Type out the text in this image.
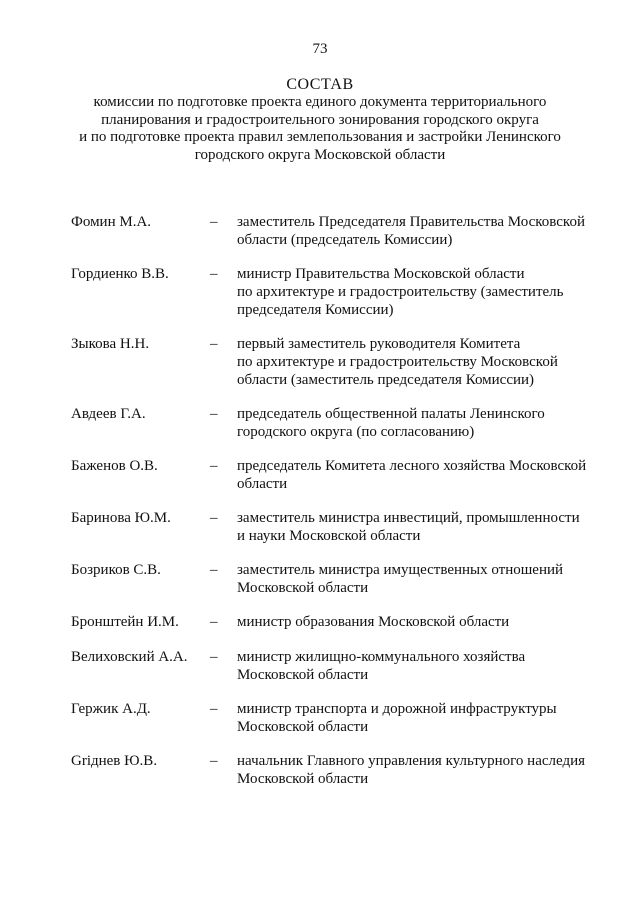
73
СОСТАВ
комиссии по подготовке проекта единого документа территориального
планирования и градостроительного зонирования городского округа
и по подготовке проекта правил землепользования и застройки Ленинского
городского округа Московской области
Фомин М.А.	– заместитель Председателя Правительства Московской
области (председатель Комиссии)
Гордиенко В.В.	– министр Правительства Московской области
по архитектуре и градостроительству (заместитель
председателя Комиссии)
Зыкова Н.Н.	– первый заместитель руководителя Комитета
по архитектуре и градостроительству Московской
области (заместитель председателя Комиссии)
Авдеев Г.А.	– председатель общественной палаты Ленинского
городского округа (по согласованию)
Баженов О.В.	– председатель Комитета лесного хозяйства Московской
области
Баринова Ю.М.	– заместитель министра инвестиций, промышленности
и науки Московской области
Бозриков С.В.	– заместитель министра имущественных отношений
Московской области
Бронштейн И.М. – министр образования Московской области
Велиховский А.А. – министр жилищно-коммунального хозяйства
Московской области
Гержик А.Д.	– министр транспорта и дорожной инфраструктуры
Московской области
Griднев Ю.В.	– начальник Главного управления культурного наследия
Московской области
